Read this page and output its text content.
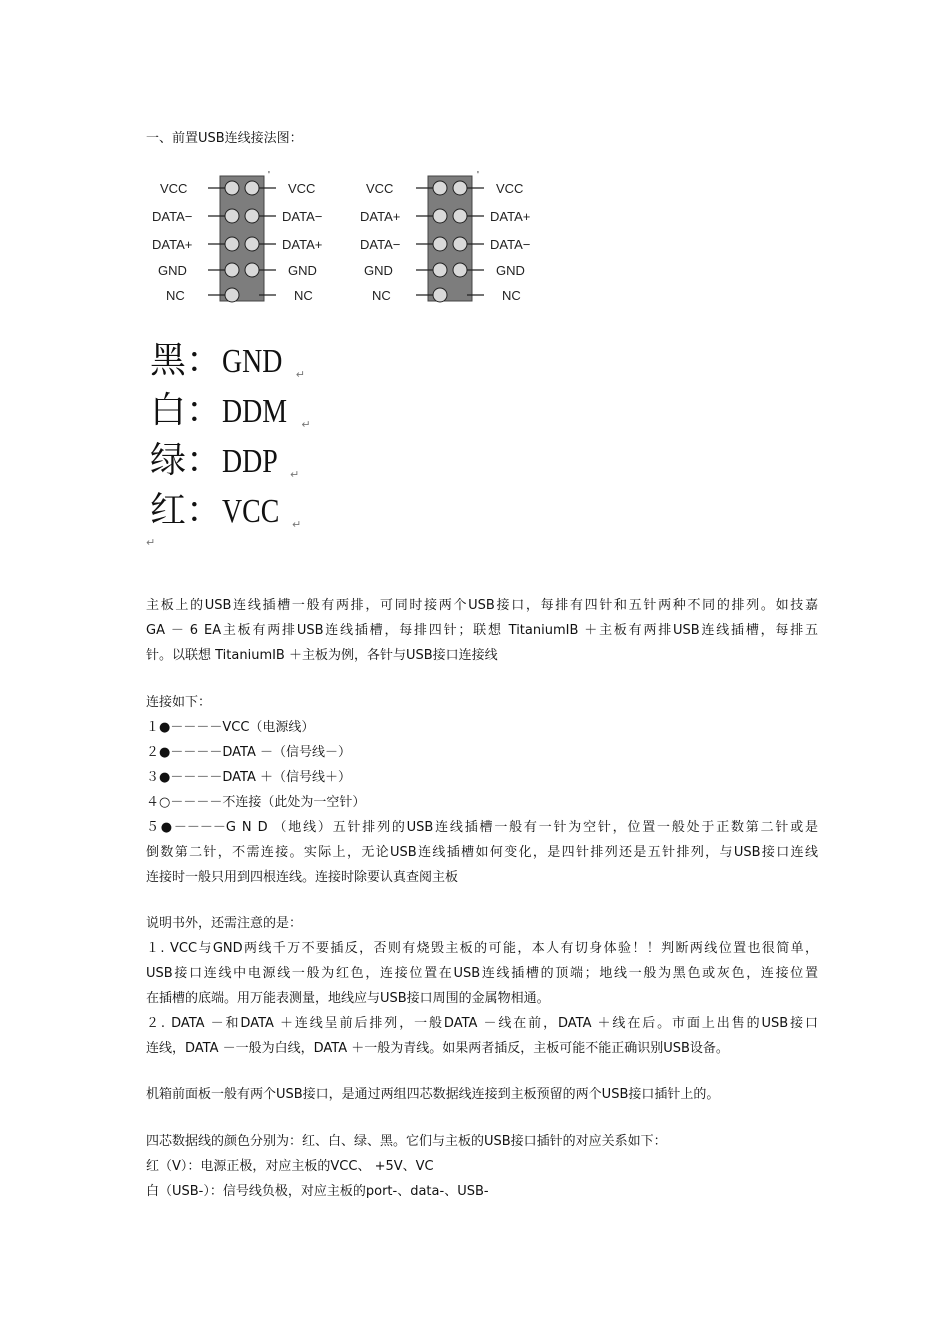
一、前置USB连线接法图：
'
VCC
DATA−
DATA+
GND
NC
VCC
DATA−
DATA+
GND
NC
'
VCC
DATA+
DATA−
GND
NC
VCC
DATA+
DATA−
GND
NC
黑：GND $_↵$
白：DDM $_↵$
绿：DDP $_↵$
红：VCC $_↵$
↵
主板上的USB连线插槽一般有两排，可同时接两个USB接口，每排有四针和五针两种不同的排列。如技嘉
GA － 6 EA主板有两排USB连线插槽，每排四针；联想 TitaniumIB ＋主板有两排USB连线插槽，每排五
针。以联想 TitaniumIB ＋主板为例，各针与USB接口连接线
连接如下：
１●－－－－VCC（电源线）
２●－－－－DATA －（信号线－）
３●－－－－DATA ＋（信号线＋）
４○－－－－不连接（此处为一空针）
５●－－－－G N D （地线）五针排列的USB连线插槽一般有一针为空针，位置一般处于正数第二针或是
倒数第二针，不需连接。实际上，无论USB连线插槽如何变化，是四针排列还是五针排列，与USB接口连线
连接时一般只用到四根连线。连接时除要认真查阅主板
说明书外，还需注意的是：
１. VCC与GND两线千万不要插反，否则有烧毁主板的可能，本人有切身体验！！判断两线位置也很简单，
USB接口连线中电源线一般为红色，连接位置在USB连线插槽的顶端；地线一般为黑色或灰色，连接位置
在插槽的底端。用万能表测量，地线应与USB接口周围的金属物相通。
２. DATA －和DATA ＋连线呈前后排列，一般DATA －线在前，DATA ＋线在后。市面上出售的USB接口
连线，DATA －一般为白线，DATA ＋一般为青线。如果两者插反，主板可能不能正确识别USB设备。
机箱前面板一般有两个USB接口，是通过两组四芯数据线连接到主板预留的两个USB接口插针上的。
四芯数据线的颜色分别为：红、白、绿、黑。它们与主板的USB接口插针的对应关系如下：
红（V）：电源正极，对应主板的VCC、 +5V、VC
白（USB-）：信号线负极，对应主板的port-、data-、USB-
